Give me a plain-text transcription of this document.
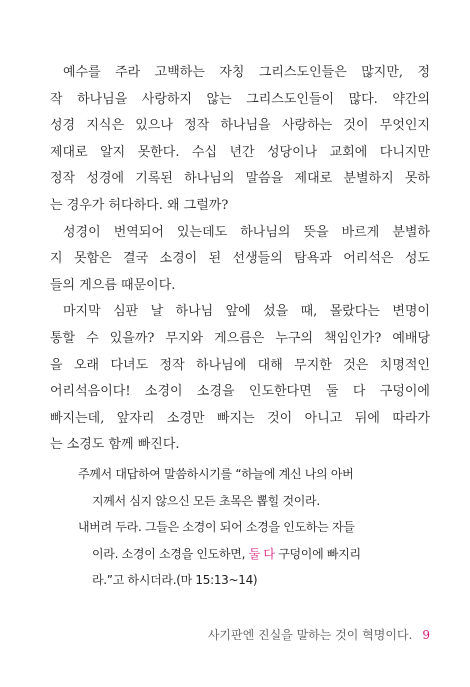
예수를 주라 고백하는 자칭 그리스도인들은 많지만, 정
작 하나님을 사랑하지 않는 그리스도인들이 많다. 약간의
성경 지식은 있으나 정작 하나님을 사랑하는 것이 무엇인지
제대로 알지 못한다. 수십 년간 성당이나 교회에 다니지만
정작 성경에 기록된 하나님의 말씀을 제대로 분별하지 못하
는 경우가 허다하다. 왜 그럴까?
성경이 번역되어 있는데도 하나님의 뜻을 바르게 분별하
지 못함은 결국 소경이 된 선생들의 탐욕과 어리석은 성도
들의 게으름 때문이다.
마지막 심판 날 하나님 앞에 섰을 때, 몰랐다는 변명이
통할 수 있을까? 무지와 게으름은 누구의 책임인가? 예배당
을 오래 다녀도 정작 하나님에 대해 무지한 것은 치명적인
어리석음이다! 소경이 소경을 인도한다면 둘 다 구덩이에
빠지는데, 앞자리 소경만 빠지는 것이 아니고 뒤에 따라가
는 소경도 함께 빠진다.
주께서 대답하여 말씀하시기를 “하늘에 계신 나의 아버
지께서 심지 않으신 모든 초목은 뽑힐 것이라.
내버려 두라. 그들은 소경이 되어 소경을 인도하는 자들
이라. 소경이 소경을 인도하면, 둘 다 구덩이에 빠지리
라.”고 하시더라.(마 15:13~14)
사기판엔 진실을 말하는 것이 혁명이다. 9
